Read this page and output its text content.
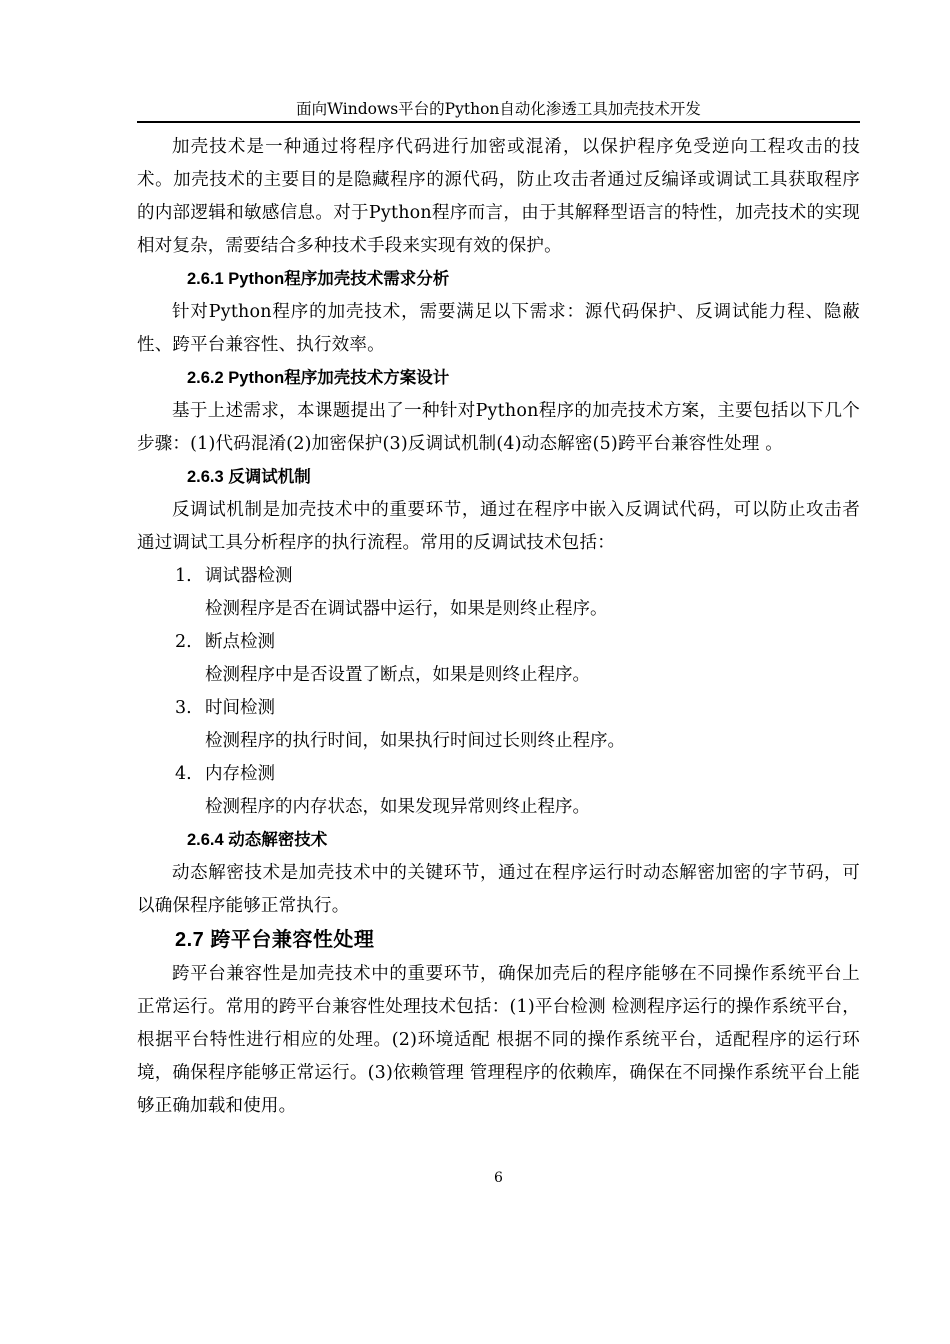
面向Windows平台的Python自动化渗透工具加壳技术开发

加壳技术是一种通过将程序代码进行加密或混淆，以保护程序免受逆向工程攻击的技术。加壳技术的主要目的是隐藏程序的源代码，防止攻击者通过反编译或调试工具获取程序的内部逻辑和敏感信息。对于Python程序而言，由于其解释型语言的特性，加壳技术的实现相对复杂，需要结合多种技术手段来实现有效的保护。

2.6.1 Python程序加壳技术需求分析

针对Python程序的加壳技术，需要满足以下需求：源代码保护、反调试能力程、隐蔽性、跨平台兼容性、执行效率。

2.6.2 Python程序加壳技术方案设计

基于上述需求，本课题提出了一种针对Python程序的加壳技术方案，主要包括以下几个步骤：(1)代码混淆(2)加密保护(3)反调试机制(4)动态解密(5)跨平台兼容性处理 。

2.6.3 反调试机制

反调试机制是加壳技术中的重要环节，通过在程序中嵌入反调试代码，可以防止攻击者通过调试工具分析程序的执行流程。常用的反调试技术包括：

1. 调试器检测

检测程序是否在调试器中运行，如果是则终止程序。

2. 断点检测

检测程序中是否设置了断点，如果是则终止程序。

3. 时间检测

检测程序的执行时间，如果执行时间过长则终止程序。

4. 内存检测

检测程序的内存状态，如果发现异常则终止程序。

2.6.4 动态解密技术

动态解密技术是加壳技术中的关键环节，通过在程序运行时动态解密加密的字节码，可以确保程序能够正常执行。

2.7 跨平台兼容性处理

跨平台兼容性是加壳技术中的重要环节，确保加壳后的程序能够在不同操作系统平台上正常运行。常用的跨平台兼容性处理技术包括：(1)平台检测 检测程序运行的操作系统平台，根据平台特性进行相应的处理。(2)环境适配 根据不同的操作系统平台，适配程序的运行环境，确保程序能够正常运行。(3)依赖管理 管理程序的依赖库，确保在不同操作系统平台上能够正确加载和使用。

6
